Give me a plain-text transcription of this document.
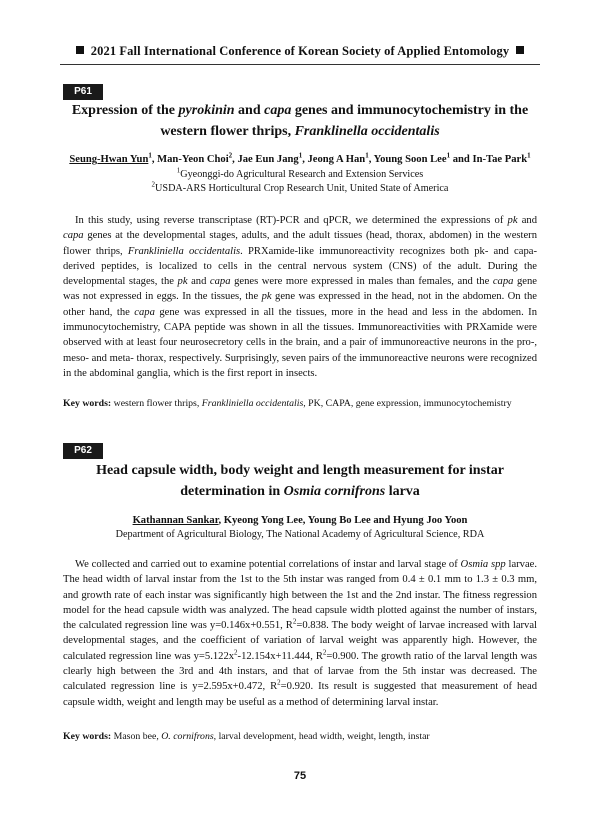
2021 Fall International Conference of Korean Society of Applied Entomology
P61
Expression of the pyrokinin and capa genes and immunocytochemistry in the western flower thrips, Franklinella occidentalis
Seung-Hwan Yun$^1$, Man-Yeon Choi$^2$, Jae Eun Jang$^1$, Jeong A Han$^1$, Young Soon Lee$^1$ and In-Tae Park$^1$
$^1$Gyeonggi-do Agricultural Research and Extension Services
$^2$USDA-ARS Horticultural Crop Research Unit, United State of America

In this study, using reverse transcriptase (RT)-PCR and qPCR, we determined the expressions of pk and capa genes at the developmental stages, adults, and the adult tissues (head, thorax, abdomen) in the western flower thrips, Frankliniella occidentalis. PRXamide-like immunoreactivity recognizes both pk- and capa-derived peptides, is localized to cells in the central nervous system (CNS) of the adult. During the developmental stages, the pk and capa genes were more expressed in males than females, and the capa gene was not expressed in eggs. In the tissues, the pk gene was expressed in the head, not in the abdomen. On the other hand, the capa gene was expressed in all the tissues, more in the head and less in the abdomen. In immunocytochemistry, CAPA peptide was shown in all the tissues. Immunoreactivities with PRXamide were observed with at least four neurosecretory cells in the brain, and a pair of immunoreactive neurons in the pro-, meso- and meta- thorax, respectively. Surprisingly, seven pairs of the immunoreactive neurons were recognized in the abdominal ganglia, which is the first report in insects.

Key words: western flower thrips, Frankliniella occidentalis, PK, CAPA, gene expression, immunocytochemistry
P62
Head capsule width, body weight and length measurement for instar determination in Osmia cornifrons larva
Kathannan Sankar, Kyeong Yong Lee, Young Bo Lee and Hyung Joo Yoon
Department of Agricultural Biology, The National Academy of Agricultural Science, RDA

We collected and carried out to examine potential correlations of instar and larval stage of Osmia spp larvae. The head width of larval instar from the 1st to the 5th instar was ranged from 0.4 ± 0.1 mm to 1.3 ± 0.3 mm, and growth rate of each instar was significantly high between the 1st and the 2nd instar. The fitness regression model for the head capsule width was analyzed. The head capsule width plotted against the number of instars, the calculated regression line was y=0.146x+0.551, $R^2=0.838$. The body weight of larvae increased with larval developmental stages, and the coefficient of variation of larval weight was apparently high. However, the calculated regression line was $y=5.122x^2-12.154x+11.444$, $R^2=0.900$. The growth ratio of the larval length was clearly high between the 3rd and 4th instars, and that of larvae from the 5th instar was decreased. The calculated regression line is y=2.595x+0.472, $R^2=0.920$. Its result is suggested that measurement of head capsule width, weight and length may be useful as a method of determining larval instar.

Key words: Mason bee, O. cornifrons, larval development, head width, weight, length, instar
75
